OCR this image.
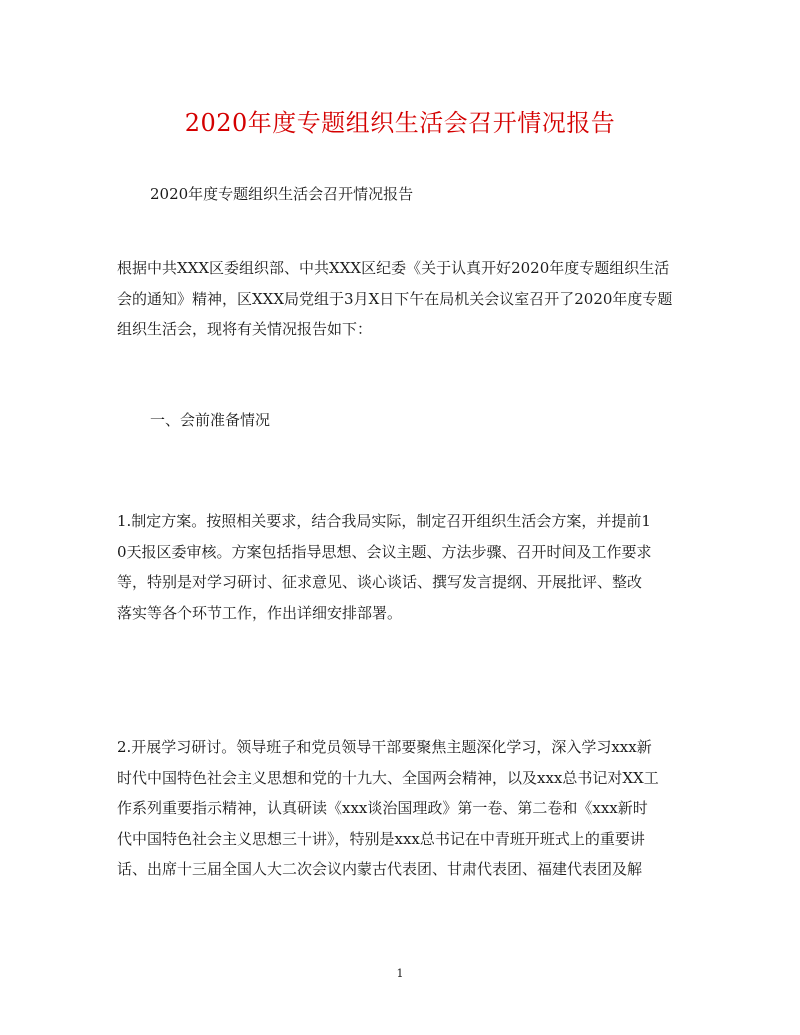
2020年度专题组织生活会召开情况报告
2020年度专题组织生活会召开情况报告
根据中共XXX区委组织部、中共XXX区纪委《关于认真开好2020年度专题组织生活
会的通知》精神，区XXX局党组于3月X日下午在局机关会议室召开了2020年度专题
组织生活会，现将有关情况报告如下：
一、会前准备情况
1.制定方案。按照相关要求，结合我局实际，制定召开组织生活会方案，并提前1
0天报区委审核。方案包括指导思想、会议主题、方法步骤、召开时间及工作要求
等，特别是对学习研讨、征求意见、谈心谈话、撰写发言提纲、开展批评、整改
落实等各个环节工作，作出详细安排部署。
2.开展学习研讨。领导班子和党员领导干部要聚焦主题深化学习，深入学习xxx新
时代中国特色社会主义思想和党的十九大、全国两会精神，以及xxx总书记对XX工
作系列重要指示精神，认真研读《xxx谈治国理政》第一卷、第二卷和《xxx新时
代中国特色社会主义思想三十讲》，特别是xxx总书记在中青班开班式上的重要讲
话、出席十三届全国人大二次会议内蒙古代表团、甘肃代表团、福建代表团及解
1
